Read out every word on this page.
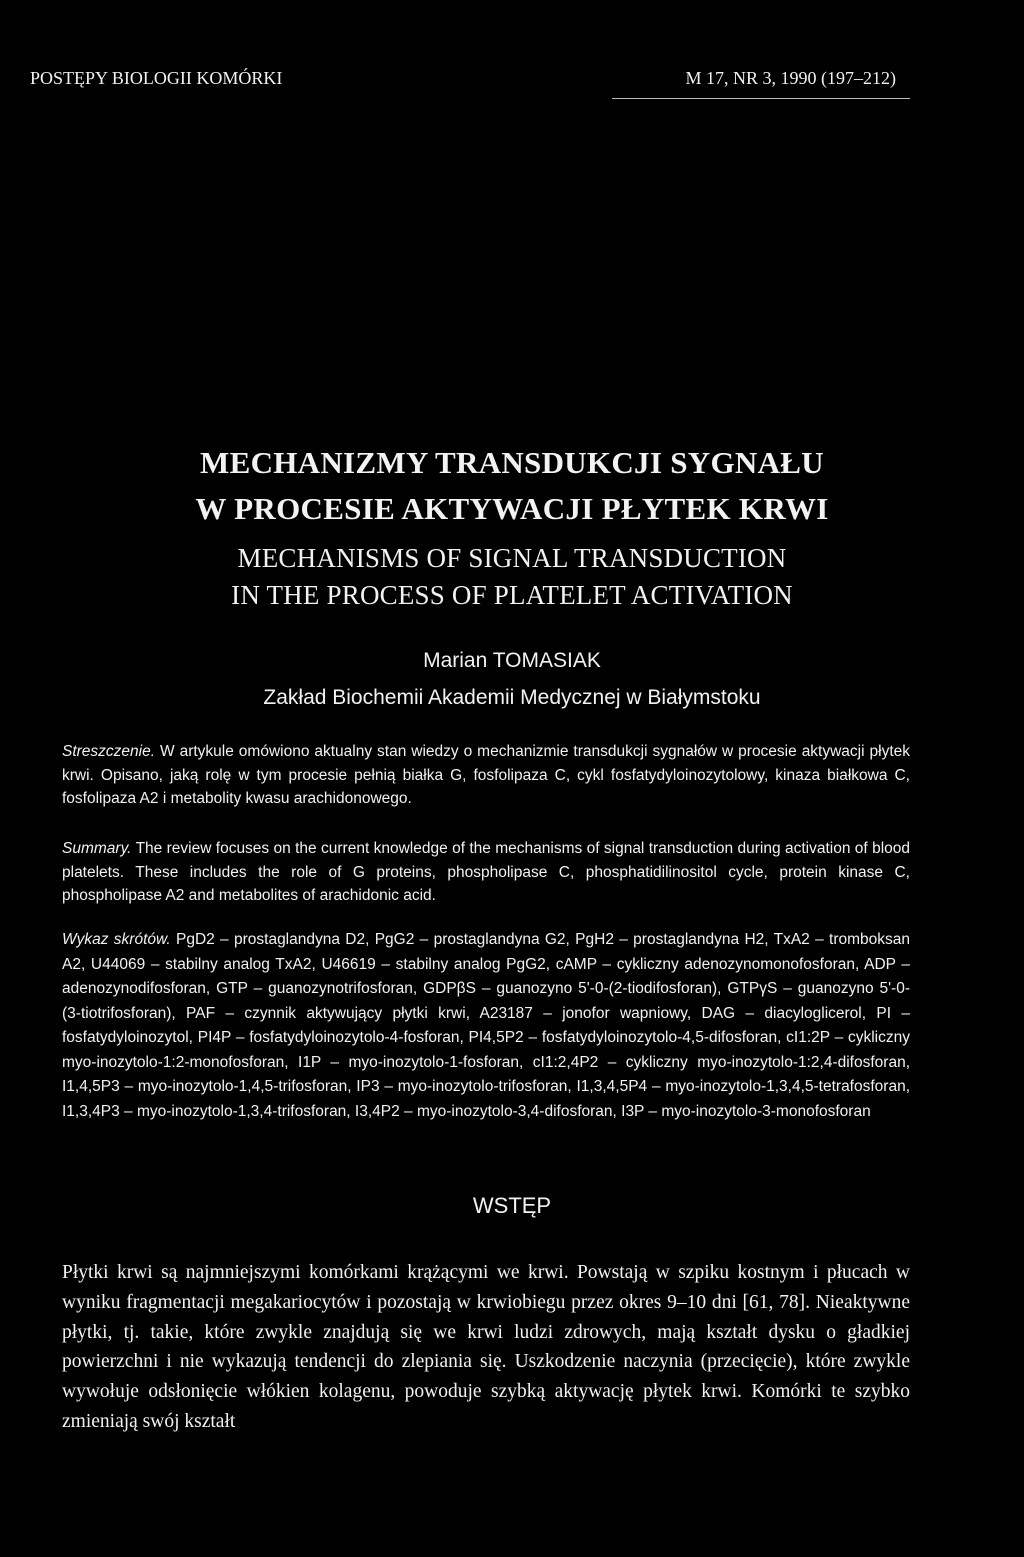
POSTĘPY BIOLOGII KOMÓRKI	M 17, NR 3, 1990 (197–212)
MECHANIZMY TRANSDUKCJI SYGNAŁU
W PROCESIE AKTYWACJI PŁYTEK KRWI
MECHANISMS OF SIGNAL TRANSDUCTION
IN THE PROCESS OF PLATELET ACTIVATION
Marian TOMASIAK
Zakład Biochemii Akademii Medycznej w Białymstoku
Streszczenie. W artykule omówiono aktualny stan wiedzy o mechanizmie transdukcji sygnałów w procesie aktywacji płytek krwi. Opisano, jaką rolę w tym procesie pełnią białka G, fosfolipaza C, cykl fosfatydyloinozytolowy, kinaza białkowa C, fosfolipaza A2 i metabolity kwasu arachidonowego.
Summary. The review focuses on the current knowledge of the mechanisms of signal transduction during activation of blood platelets. These includes the role of G proteins, phospholipase C, phosphatidilinositol cycle, protein kinase C, phospholipase A2 and metabolites of arachidonic acid.
Wykaz skrótów. PgD2 – prostaglandyna D2, PgG2 – prostaglandyna G2, PgH2 – prostaglandyna H2, TxA2 – tromboksan A2, U44069 – stabilny analog TxA2, U46619 – stabilny analog PgG2, cAMP – cykliczny adenozynomonofosforan, ADP – adenozynodifosforan, GTP – guanozynotrifosforan, GDPβS – guanozyno 5'-0-(2-tiodifosforan), GTPγS – guanozyno 5'-0-(3-tiotrifosforan), PAF – czynnik aktywujący płytki krwi, A23187 – jonofor wapniowy, DAG – diacyloglicerol, PI – fosfatydyloinozytol, PI4P – fosfatydyloinozytolo-4-fosforan, PI4,5P2 – fosfatydyloinozytolo-4,5-difosforan, cI1:2P – cykliczny myo-inozytolo-1:2-monofosforan, I1P – myo-inozytolo-1-fosforan, cI1:2,4P2 – cykliczny myo-inozytolo-1:2,4-difosforan, I1,4,5P3 – myo-inozytolo-1,4,5-trifosforan, IP3 – myo-inozytolo-trifosforan, I1,3,4,5P4 – myo-inozytolo-1,3,4,5-tetrafosforan, I1,3,4P3 – myo-inozytolo-1,3,4-trifosforan, I3,4P2 – myo-inozytolo-3,4-difosforan, I3P – myo-inozytolo-3-monofosforan
WSTĘP
Płytki krwi są najmniejszymi komórkami krążącymi we krwi. Powstają w szpiku kostnym i płucach w wyniku fragmentacji megakariocytów i pozostają w krwiobiegu przez okres 9–10 dni [61, 78]. Nieaktywne płytki, tj. takie, które zwykle znajdują się we krwi ludzi zdrowych, mają kształt dysku o gładkiej powierzchni i nie wykazują tendencji do zlepiania się. Uszkodzenie naczynia (przecięcie), które zwykle wywołuje odsłonięcie włókien kolagenu, powoduje szybką aktywację płytek krwi. Komórki te szybko zmieniają swój kształt
